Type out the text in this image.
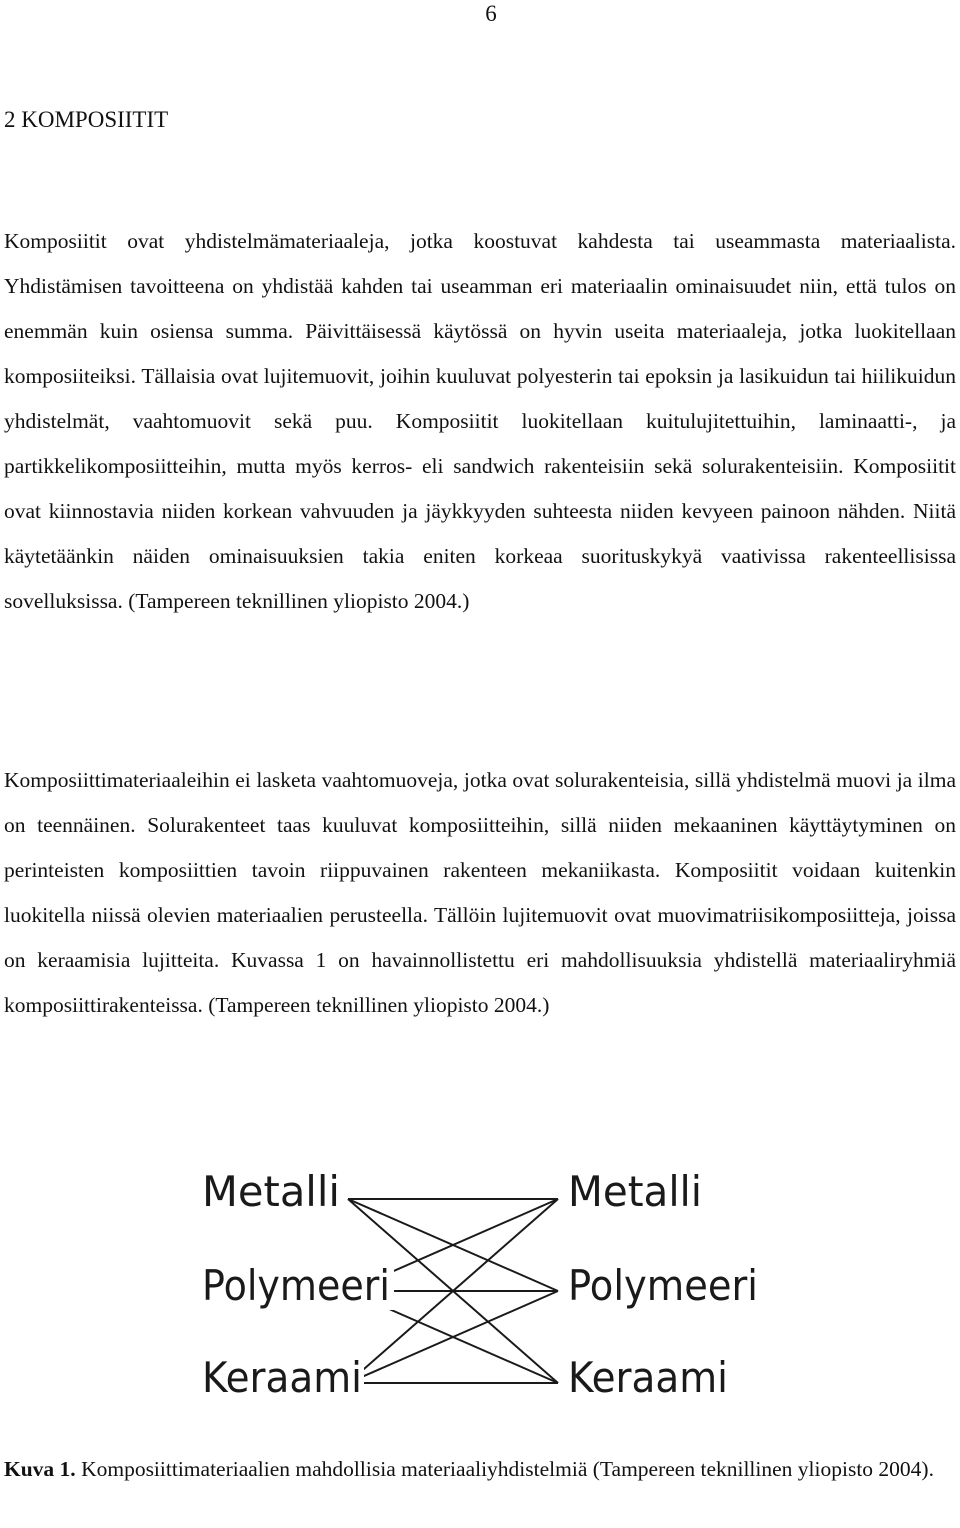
6
2 KOMPOSIITIT

Komposiitit ovat yhdistelmämateriaaleja, jotka koostuvat kahdesta tai useammasta materiaalista. Yhdistämisen tavoitteena on yhdistää kahden tai useamman eri materiaalin ominaisuudet niin, että tulos on enemmän kuin osiensa summa. Päivittäisessä käytössä on hyvin useita materiaaleja, jotka luokitellaan komposiiteiksi. Tällaisia ovat lujitemuovit, joihin kuuluvat polyesterin tai epoksin ja lasikuidun tai hiilikuidun yhdistelmät, vaahtomuovit sekä puu. Komposiitit luokitellaan kuitulujitettuihin, laminaatti-, ja partikkelikomposiitteihin, mutta myös kerros- eli sandwich rakenteisiin sekä solurakenteisiin. Komposiitit ovat kiinnostavia niiden korkean vahvuuden ja jäykkyyden suhteesta niiden kevyeen painoon nähden. Niitä käytetäänkin näiden ominaisuuksien takia eniten korkeaa suorituskykyä vaativissa rakenteellisissa sovelluksissa. (Tampereen teknillinen yliopisto 2004.)

Komposiittimateriaaleihin ei lasketa vaahtomuoveja, jotka ovat solurakenteisia, sillä yhdistelmä muovi ja ilma on teennäinen. Solurakenteet taas kuuluvat komposiitteihin, sillä niiden mekaaninen käyttäytyminen on perinteisten komposiittien tavoin riippuvainen rakenteen mekaniikasta. Komposiitit voidaan kuitenkin luokitella niissä olevien materiaalien perusteella. Tällöin lujitemuovit ovat muovimatriisikomposiitteja, joissa on keraamisia lujitteita. Kuvassa 1 on havainnollistettu eri mahdollisuuksia yhdistellä materiaaliryhmiä komposiittirakenteissa. (Tampereen teknillinen yliopisto 2004.)

Metalli
Polymeeri
Keraami
Metalli
Polymeeri
Keraami

Kuva 1. Komposiittimateriaalien mahdollisia materiaaliyhdistelmiä (Tampereen teknillinen yliopisto 2004).
